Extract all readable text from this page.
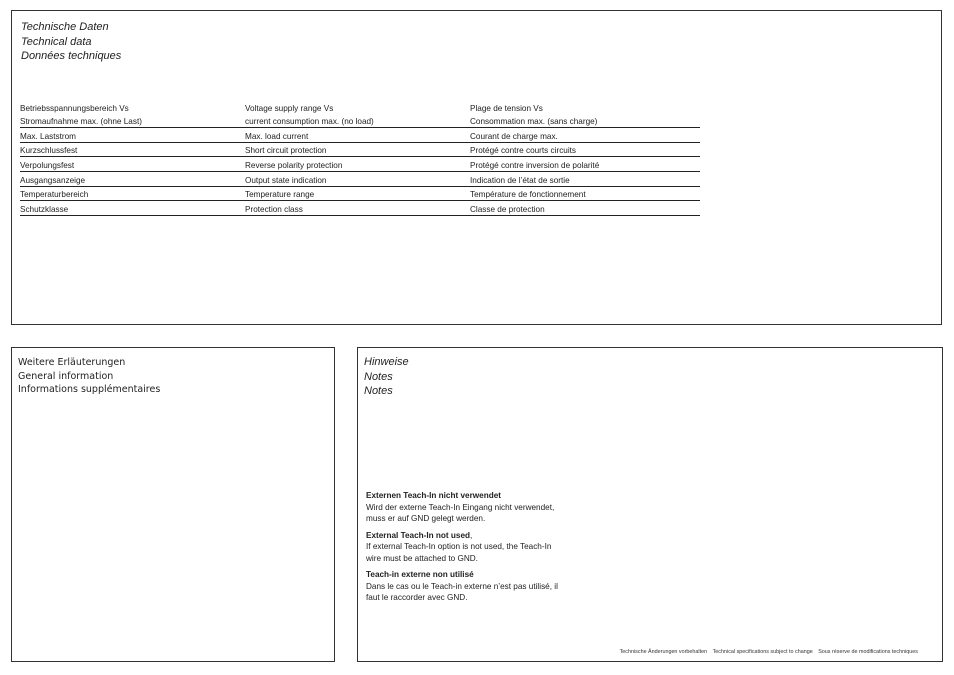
Technische Daten
Technical data
Données techniques
Betriebsspannungsbereich Vs	Voltage supply range Vs	Plage de tension Vs
Stromaufnahme max. (ohne Last)	current consumption max. (no load)	Consommation max. (sans charge)
Max. Laststrom	Max. load current	Courant de charge max.
Kurzschlussfest	Short circuit protection	Protégé contre courts circuits
Verpolungsfest	Reverse polarity protection	Protégé contre inversion de polarité
Ausgangsanzeige	Output state indication	Indication de l’état de sortie
Temperaturbereich	Temperature range	Température de fonctionnement
Schutzklasse	Protection class	Classe de protection
Weitere Erläuterungen
General information
Informations supplémentaires
Hinweise
Notes
Notes
Externen Teach-In nicht verwendet
Wird der externe Teach-In Eingang nicht verwendet, muss er auf GND gelegt werden.
External Teach-In not used,
If external Teach-In option is not used, the Teach-In wire must be attached to GND.
Teach-in externe non utilisé
Dans le cas ou le Teach-in externe n’est pas utilisé, il faut le raccorder avec GND.
Technische Änderungen vorbehalten Technical specifications subject to change Sous réserve de modifications techniques
